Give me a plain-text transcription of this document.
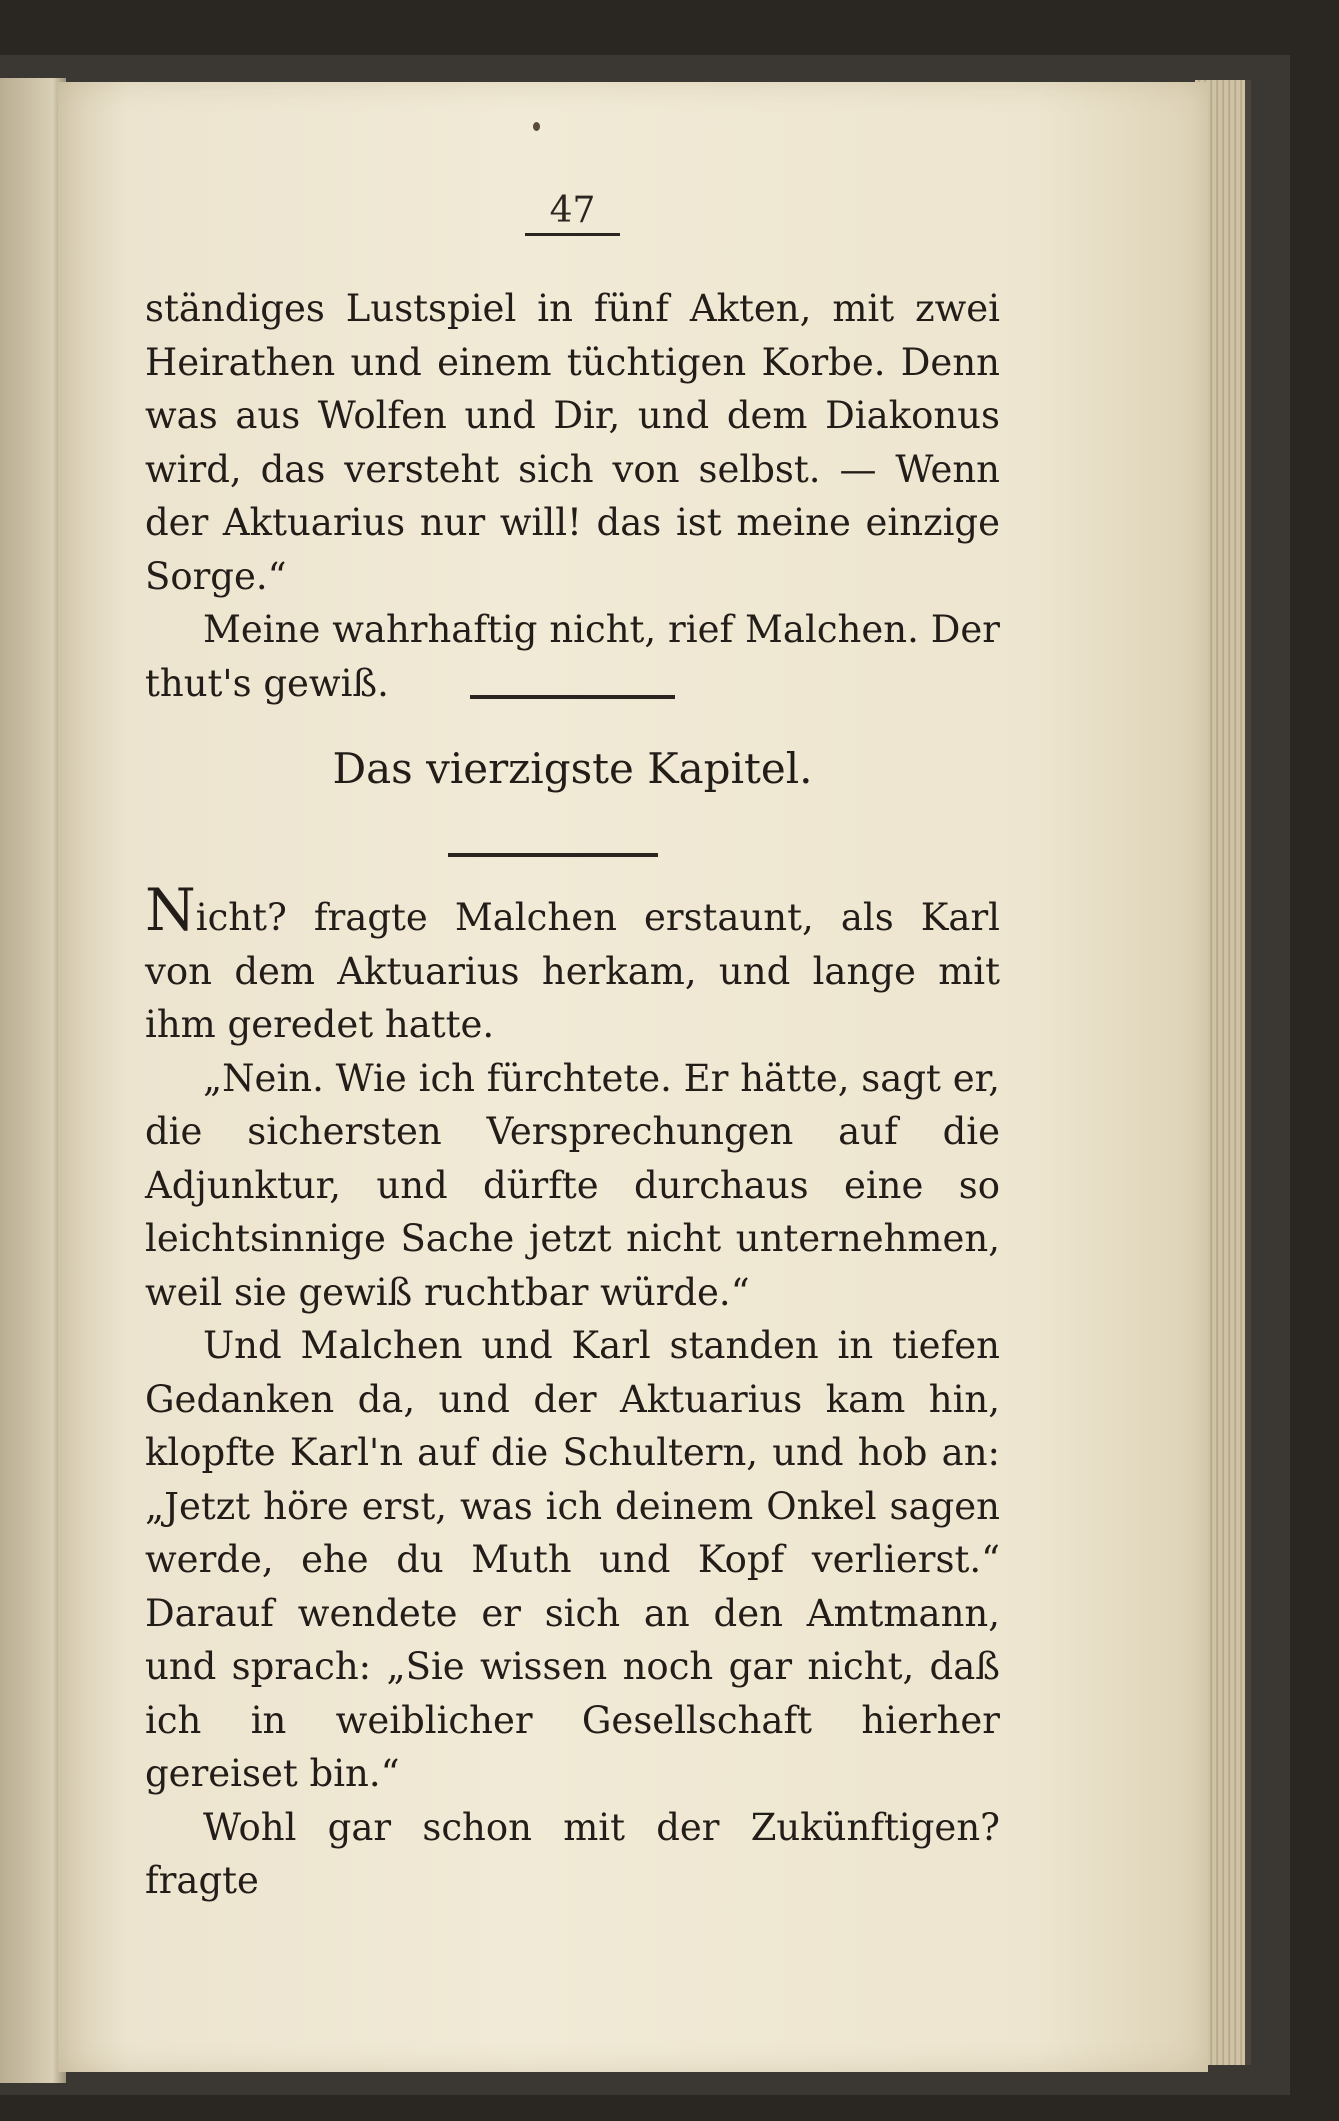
47

ständiges Lustspiel in fünf Akten, mit zwei Heirathen und einem tüchtigen Korbe. Denn was aus Wolfen und Dir, und dem Diakonus wird, das versteht sich von selbst. — Wenn der Aktuarius nur will! das ist meine einzige Sorge.“

Meine wahrhaftig nicht, rief Malchen. Der thut's gewiß.

Das vierzigste Kapitel.

Nicht? fragte Malchen erstaunt, als Karl von dem Aktuarius herkam, und lange mit ihm geredet hatte.

„Nein. Wie ich fürchtete. Er hätte, sagt er, die sichersten Versprechungen auf die Adjunktur, und dürfte durchaus eine so leichtsinnige Sache jetzt nicht unternehmen, weil sie gewiß ruchtbar würde.“

Und Malchen und Karl standen in tiefen Gedanken da, und der Aktuarius kam hin, klopfte Karl'n auf die Schultern, und hob an: „Jetzt höre erst, was ich deinem Onkel sagen werde, ehe du Muth und Kopf verlierst.“ Darauf wendete er sich an den Amtmann, und sprach: „Sie wissen noch gar nicht, daß ich in weiblicher Gesellschaft hierher gereiset bin.“

Wohl gar schon mit der Zukünftigen? fragte
